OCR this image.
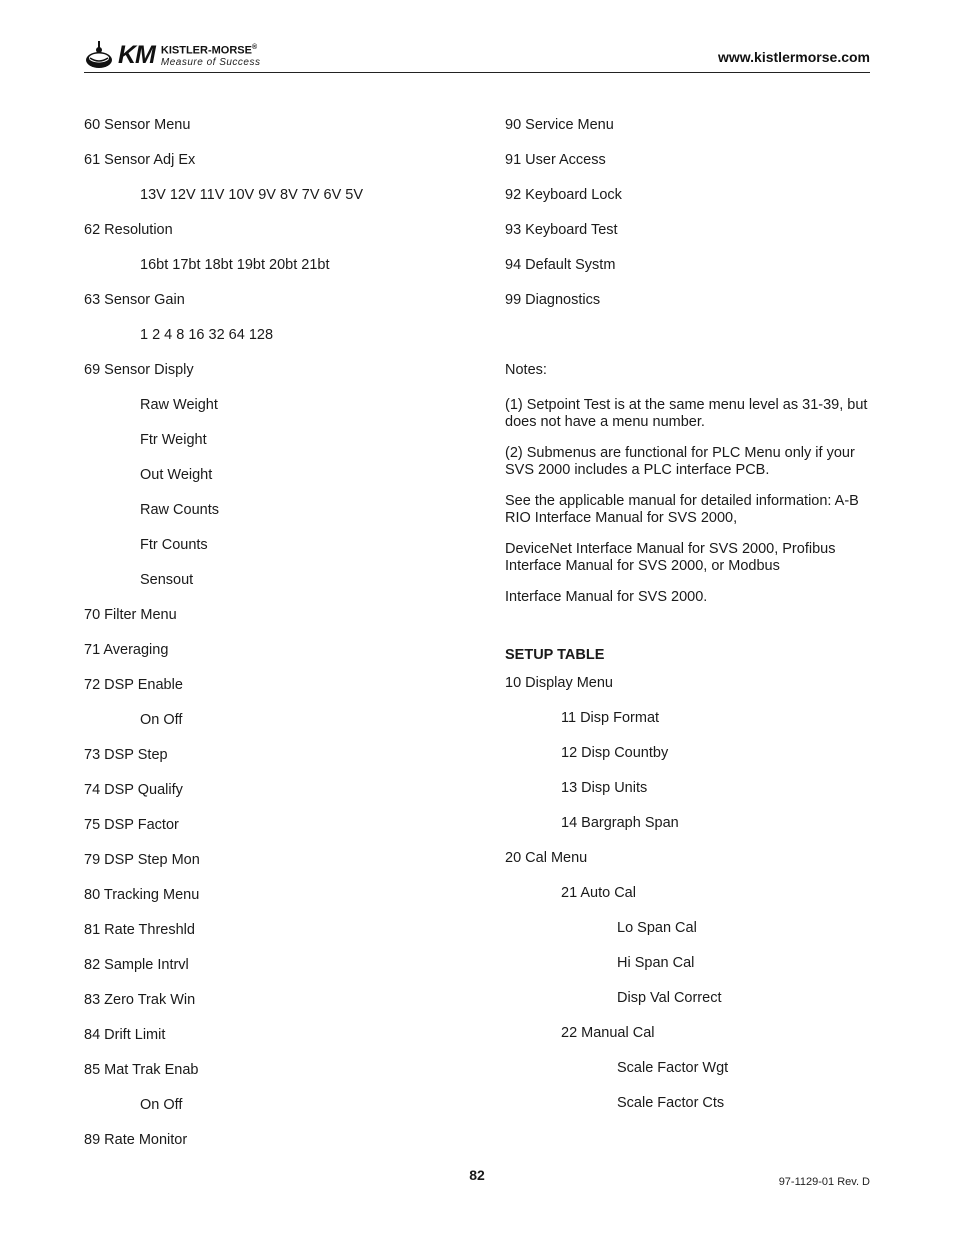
KM KISTLER-MORSE®
Measure of Success	www.kistlermorse.com
60 Sensor Menu
61 Sensor Adj Ex
13V 12V 11V 10V 9V 8V 7V 6V 5V
62 Resolution
16bt 17bt 18bt 19bt 20bt 21bt
63 Sensor Gain
1 2 4 8 16 32 64 128
69 Sensor Disply
Raw Weight
Ftr Weight
Out Weight
Raw Counts
Ftr Counts
Sensout
70 Filter Menu
71 Averaging
72 DSP Enable
On Off
73 DSP Step
74 DSP Qualify
75 DSP Factor
79 DSP Step Mon
80 Tracking Menu
81 Rate Threshld
82 Sample Intrvl
83 Zero Trak Win
84 Drift Limit
85 Mat Trak Enab
On Off
89 Rate Monitor
90 Service Menu
91 User Access
92 Keyboard Lock
93 Keyboard Test
94 Default Systm
99 Diagnostics
Notes:
(1) Setpoint Test is at the same menu level as 31-39, but does not have a menu number.
(2) Submenus are functional for PLC Menu only if your SVS 2000 includes a PLC interface PCB.
See the applicable manual for detailed information: A-B RIO Interface Manual for SVS 2000,
DeviceNet Interface Manual for SVS 2000, Profibus Interface Manual for SVS 2000, or Modbus
Interface Manual for SVS 2000.
SETUP TABLE
10 Display Menu
11 Disp Format
12 Disp Countby
13 Disp Units
14 Bargraph Span
20 Cal Menu
21 Auto Cal
Lo Span Cal
Hi Span Cal
Disp Val Correct
22 Manual Cal
Scale Factor Wgt
Scale Factor Cts
82	97-1129-01 Rev. D
